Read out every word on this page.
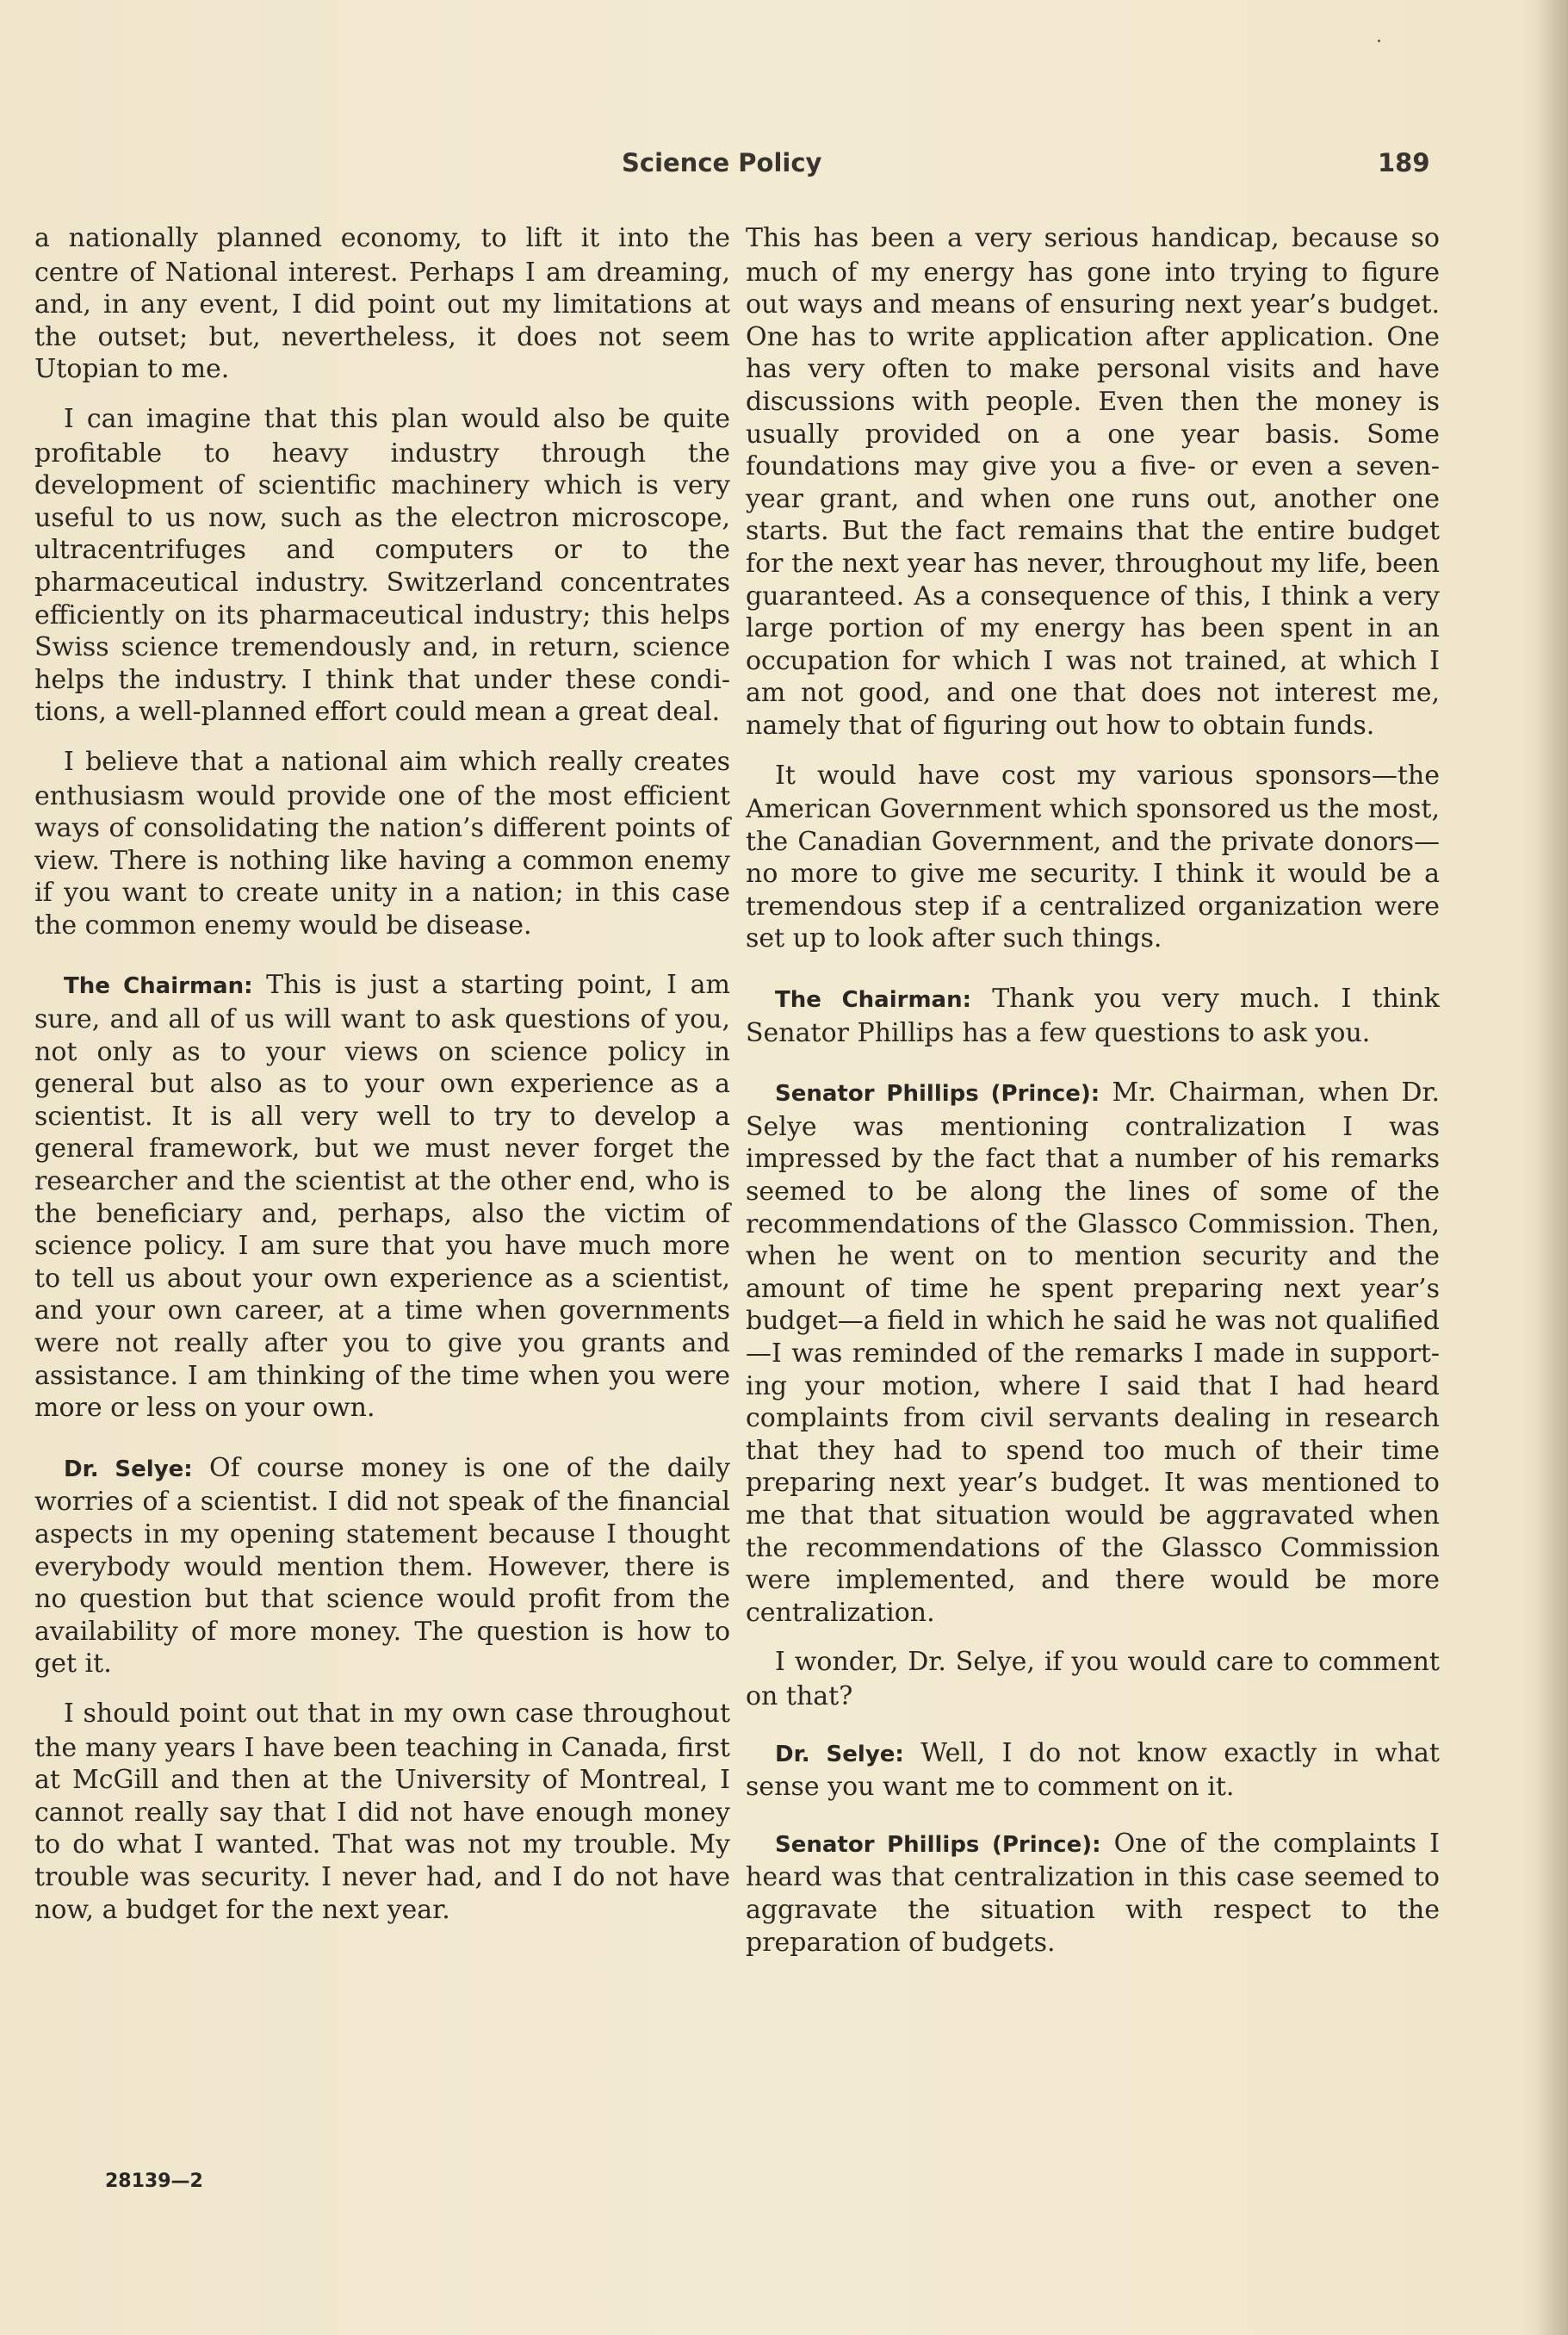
Science Policy	189

a nationally planned economy, to lift it into the centre of National interest. Perhaps I am dreaming, and, in any event, I did point out my limitations at the outset; but, nevertheless, it does not seem Utopian to me.

I can imagine that this plan would also be quite profitable to heavy industry through the development of scientific machinery which is very useful to us now, such as the electron microscope, ultracentrifuges and computers or to the pharmaceutical industry. Switzerland concentrates efficiently on its pharmaceutical industry; this helps Swiss science tremendously and, in return, science helps the industry. I think that under these conditions, a well-planned effort could mean a great deal.

I believe that a national aim which really creates enthusiasm would provide one of the most efficient ways of consolidating the nation’s different points of view. There is nothing like having a common enemy if you want to create unity in a nation; in this case the common enemy would be disease.

The Chairman: This is just a starting point, I am sure, and all of us will want to ask questions of you, not only as to your views on science policy in general but also as to your own experience as a scientist. It is all very well to try to develop a general framework, but we must never forget the researcher and the scientist at the other end, who is the beneficiary and, perhaps, also the victim of science policy. I am sure that you have much more to tell us about your own experience as a scientist, and your own career, at a time when governments were not really after you to give you grants and assistance. I am thinking of the time when you were more or less on your own.

Dr. Selye: Of course money is one of the daily worries of a scientist. I did not speak of the financial aspects in my opening statement because I thought everybody would mention them. However, there is no question but that science would profit from the availability of more money. The question is how to get it.

I should point out that in my own case throughout the many years I have been teaching in Canada, first at McGill and then at the University of Montreal, I cannot really say that I did not have enough money to do what I wanted. That was not my trouble. My trouble was security. I never had, and I do not have now, a budget for the next year.

This has been a very serious handicap, because so much of my energy has gone into trying to figure out ways and means of ensuring next year’s budget. One has to write application after application. One has very often to make personal visits and have discussions with people. Even then the money is usually provided on a one year basis. Some foundations may give you a five- or even a seven-year grant, and when one runs out, another one starts. But the fact remains that the entire budget for the next year has never, throughout my life, been guaranteed. As a consequence of this, I think a very large portion of my energy has been spent in an occupation for which I was not trained, at which I am not good, and one that does not interest me, namely that of figuring out how to obtain funds.

It would have cost my various sponsors—the American Government which sponsored us the most, the Canadian Government, and the private donors—no more to give me security. I think it would be a tremendous step if a centralized organization were set up to look after such things.

The Chairman: Thank you very much. I think Senator Phillips has a few questions to ask you.

Senator Phillips (Prince): Mr. Chairman, when Dr. Selye was mentioning contralization I was impressed by the fact that a number of his remarks seemed to be along the lines of some of the recommendations of the Glassco Commission. Then, when he went on to mention security and the amount of time he spent preparing next year’s budget—a field in which he said he was not qualified—I was reminded of the remarks I made in supporting your motion, where I said that I had heard complaints from civil servants dealing in research that they had to spend too much of their time preparing next year’s budget. It was mentioned to me that that situation would be aggravated when the recommendations of the Glassco Commission were implemented, and there would be more centralization.

I wonder, Dr. Selye, if you would care to comment on that?

Dr. Selye: Well, I do not know exactly in what sense you want me to comment on it.

Senator Phillips (Prince): One of the complaints I heard was that centralization in this case seemed to aggravate the situation with respect to the preparation of budgets.

28139—2
